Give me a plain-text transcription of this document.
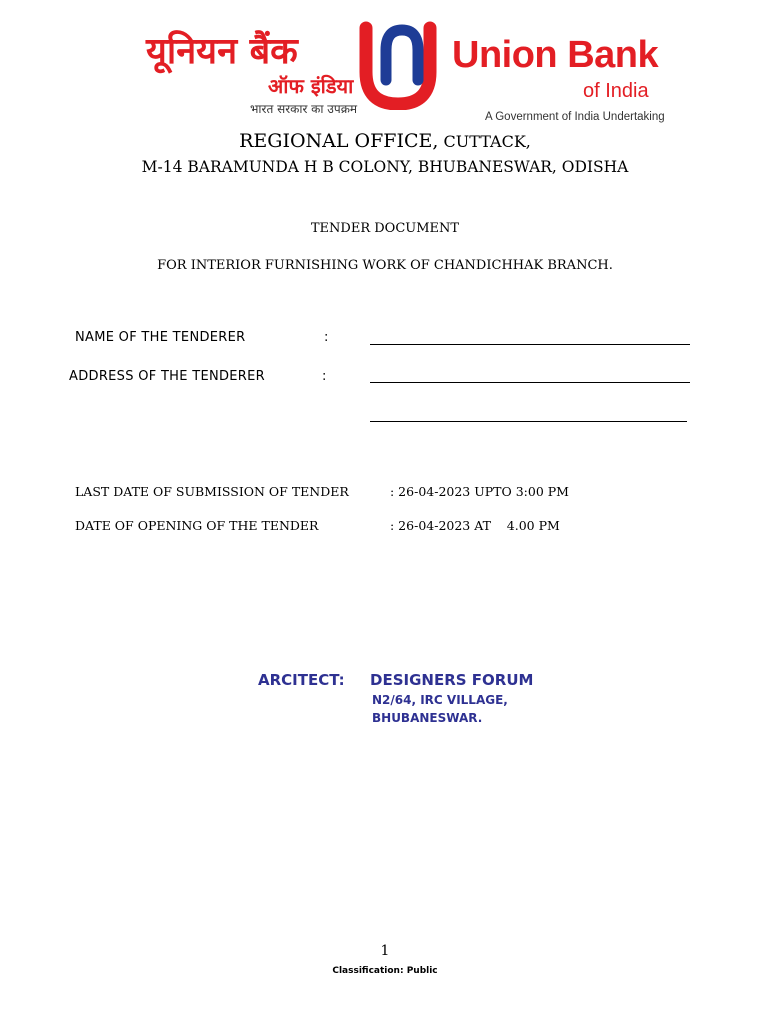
यूनियन बैंक
ऑफ इंडिया
भारत सरकार का उपक्रम
Union Bank
of India
A Government of India Undertaking
REGIONAL OFFICE, CUTTACK,
M-14 BARAMUNDA H B COLONY, BHUBANESWAR, ODISHA
TENDER DOCUMENT
FOR INTERIOR FURNISHING WORK OF CHANDICHHAK BRANCH.
NAME OF THE TENDERER	:
ADDRESS OF THE TENDERER	:
LAST DATE OF SUBMISSION OF TENDER	: 26-04-2023 UPTO 3:00 PM
DATE OF OPENING OF THE TENDER	: 26-04-2023 AT    4.00 PM
ARCITECT: DESIGNERS FORUM
N2/64, IRC VILLAGE,
BHUBANESWAR.
1
Classification: Public
